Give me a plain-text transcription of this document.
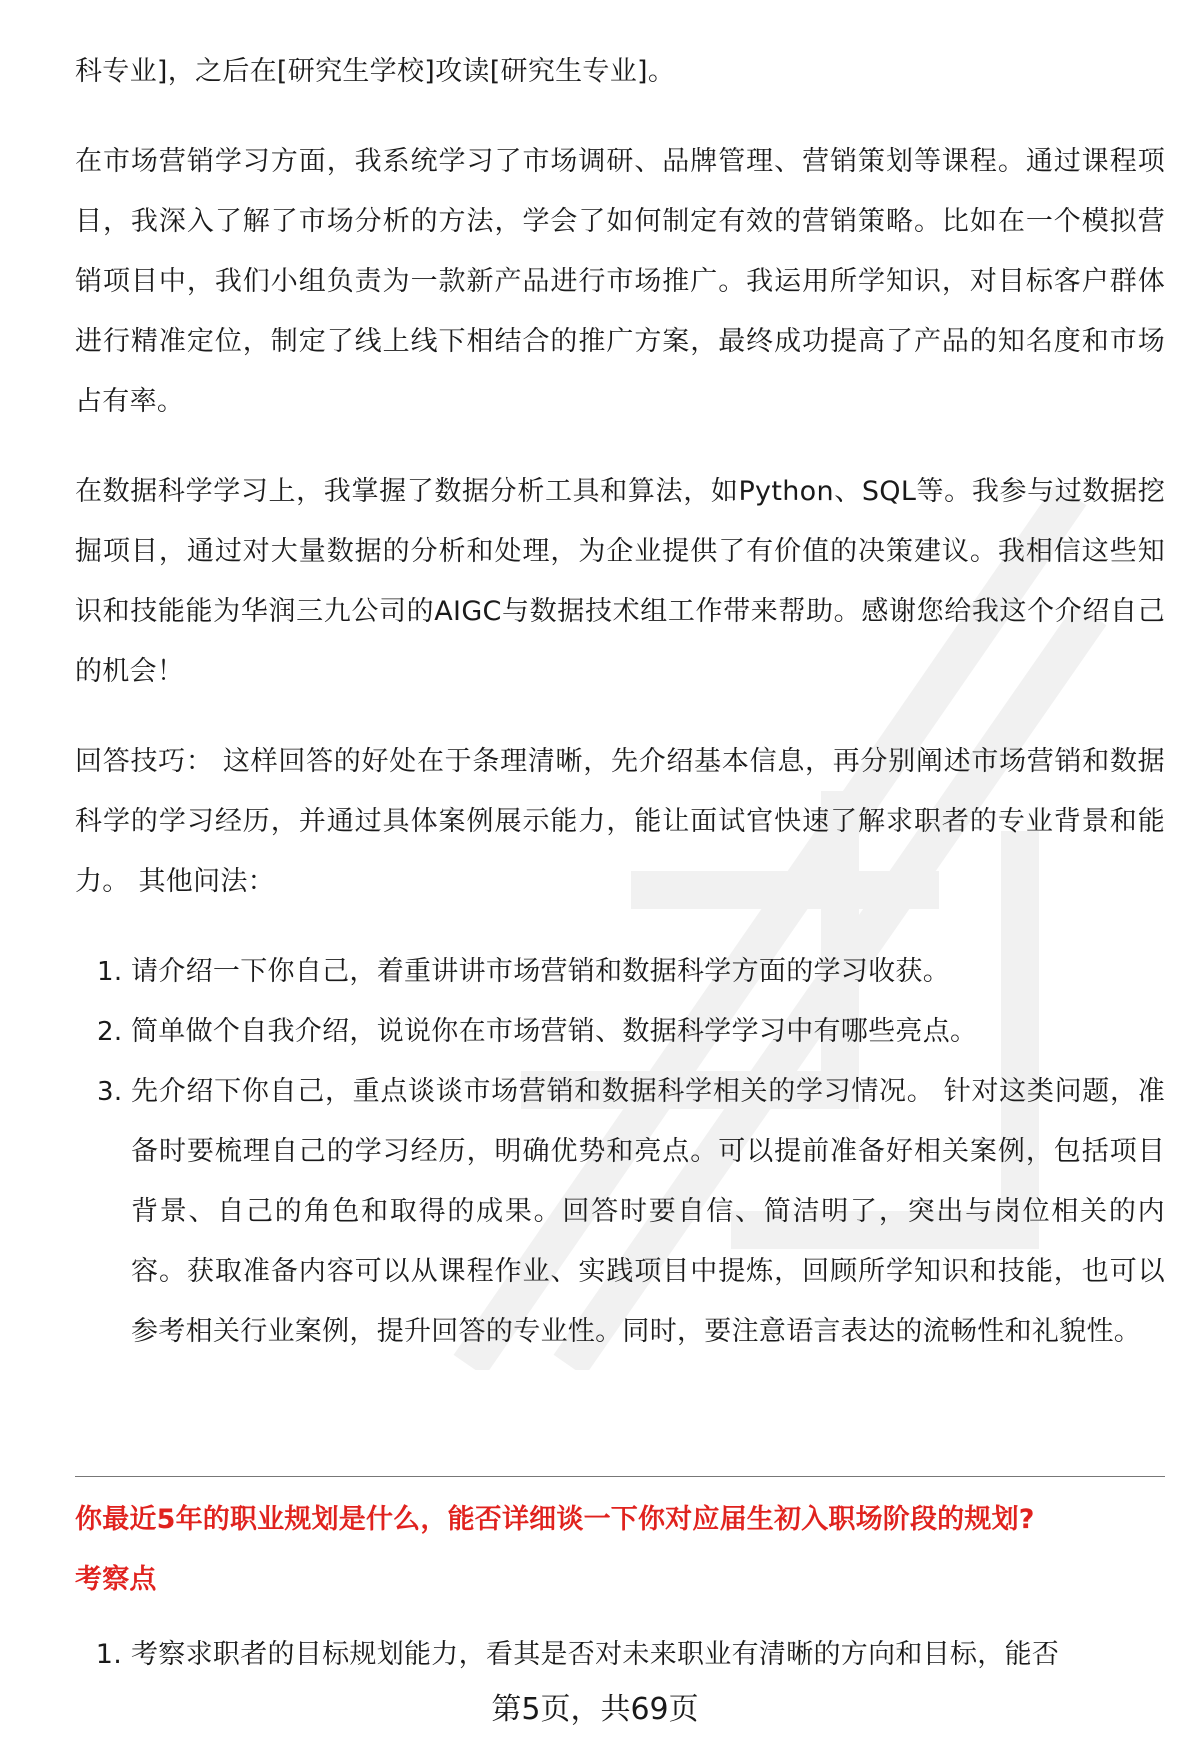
科专业]，之后在[研究生学校]攻读[研究生专业]。

在市场营销学习方面，我系统学习了市场调研、品牌管理、营销策划等课程。通过课程项目，我深入了解了市场分析的方法，学会了如何制定有效的营销策略。比如在一个模拟营销项目中，我们小组负责为一款新产品进行市场推广。我运用所学知识，对目标客户群体进行精准定位，制定了线上线下相结合的推广方案，最终成功提高了产品的知名度和市场占有率。

在数据科学学习上，我掌握了数据分析工具和算法，如Python、SQL等。我参与过数据挖掘项目，通过对大量数据的分析和处理，为企业提供了有价值的决策建议。我相信这些知识和技能能为华润三九公司的AIGC与数据技术组工作带来帮助。感谢您给我这个介绍自己的机会！

回答技巧： 这样回答的好处在于条理清晰，先介绍基本信息，再分别阐述市场营销和数据科学的学习经历，并通过具体案例展示能力，能让面试官快速了解求职者的专业背景和能力。 其他问法：

1. 请介绍一下你自己，着重讲讲市场营销和数据科学方面的学习收获。
2. 简单做个自我介绍，说说你在市场营销、数据科学学习中有哪些亮点。
3. 先介绍下你自己，重点谈谈市场营销和数据科学相关的学习情况。 针对这类问题，准备时要梳理自己的学习经历，明确优势和亮点。可以提前准备好相关案例，包括项目背景、自己的角色和取得的成果。回答时要自信、简洁明了，突出与岗位相关的内容。获取准备内容可以从课程作业、实践项目中提炼，回顾所学知识和技能，也可以参考相关行业案例，提升回答的专业性。同时，要注意语言表达的流畅性和礼貌性。
你最近5年的职业规划是什么，能否详细谈一下你对应届生初入职场阶段的规划?
考察点
1. 考察求职者的目标规划能力，看其是否对未来职业有清晰的方向和目标，能否
第5页，共69页
